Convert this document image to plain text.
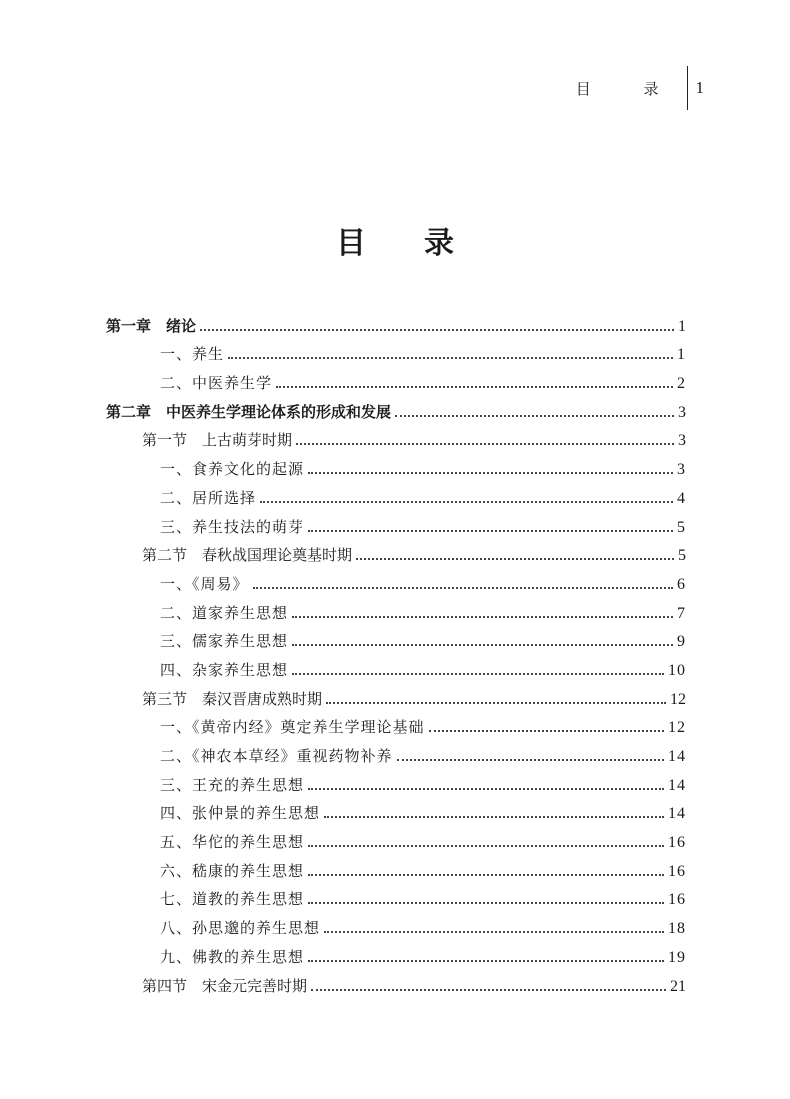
目 录 1
目录
第一章　绪论	1
一、养生	1
二、中医养生学	2
第二章　中医养生学理论体系的形成和发展	3
第一节　上古萌芽时期	3
一、食养文化的起源	3
二、居所选择	4
三、养生技法的萌芽	5
第二节　春秋战国理论奠基时期	5
一、《周易》	6
二、道家养生思想	7
三、儒家养生思想	9
四、杂家养生思想	10
第三节　秦汉晋唐成熟时期	12
一、《黄帝内经》奠定养生学理论基础	12
二、《神农本草经》重视药物补养	14
三、王充的养生思想	14
四、张仲景的养生思想	14
五、华佗的养生思想	16
六、嵇康的养生思想	16
七、道教的养生思想	16
八、孙思邈的养生思想	18
九、佛教的养生思想	19
第四节　宋金元完善时期	21
